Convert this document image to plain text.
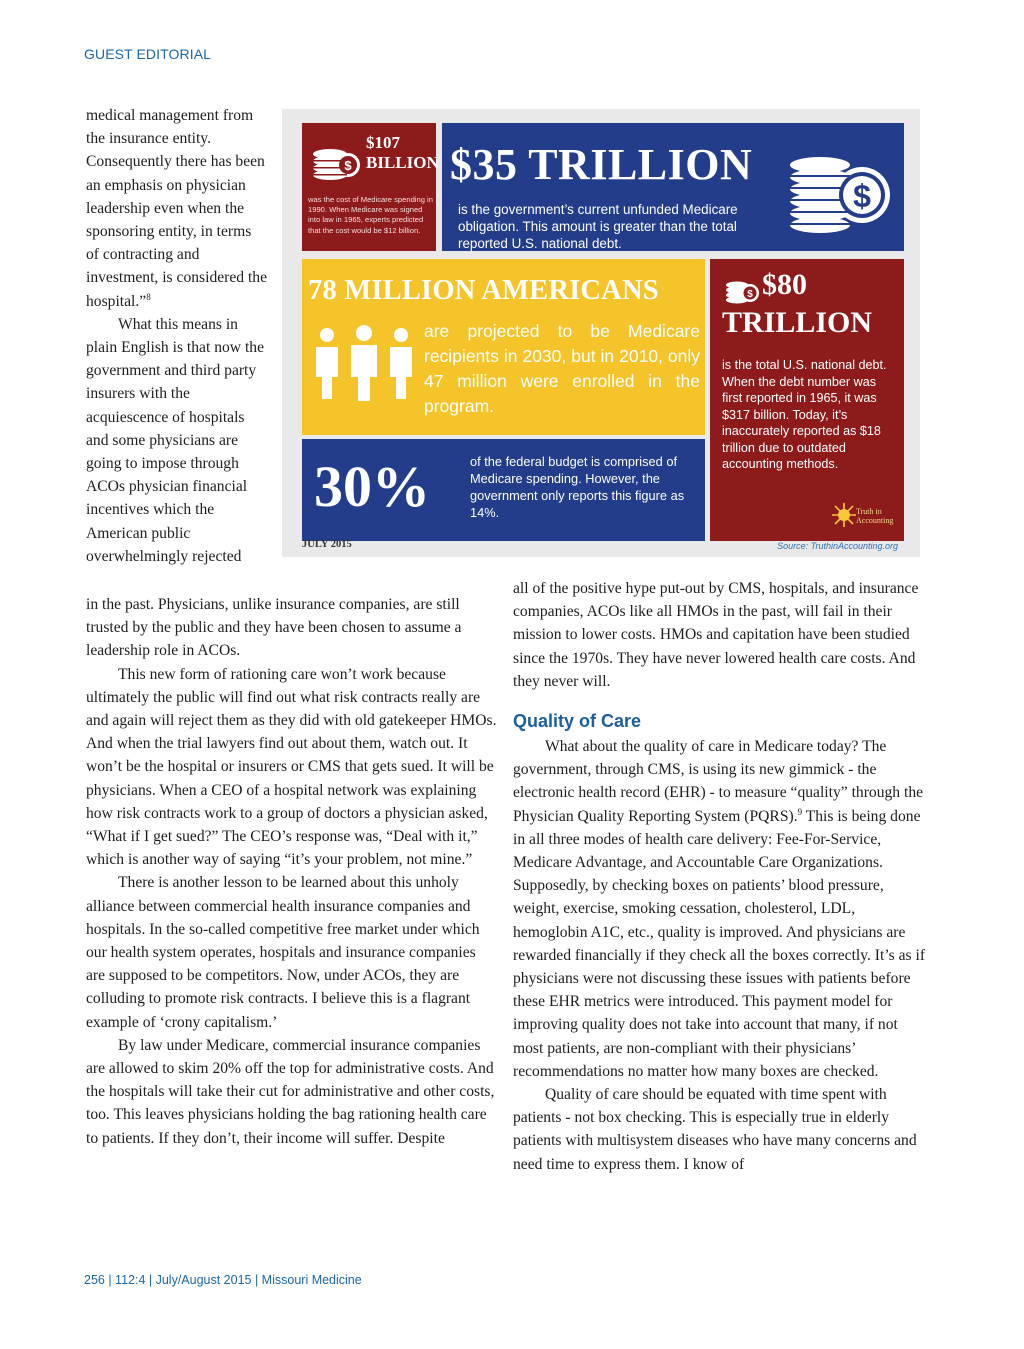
GUEST EDITORIAL
$
$107
BILLION
was the cost of Medicare spending in 1990. When Medicare was signed into law in 1965, experts predicted that the cost would be $12 billion.
$35 TRILLION
is the government’s current unfunded Medicare obligation. This amount is greater than the total reported U.S. national debt.
$
78 MILLION AMERICANS
are projected to be Medicare recipients in 2030, but in 2010, only 47 million were enrolled in the program.
$ $80
TRILLION
is the total U.S. national debt. When the debt number was first reported in 1965, it was $317 billion. Today, it’s inaccurately reported as $18 trillion due to outdated accounting methods.
Truth in Accounting
30%	of the federal budget is comprised of Medicare spending. However, the government only reports this figure as 14%.
JULY 2015	Source: TruthinAccounting.org

medical management from the insurance entity. Consequently there has been an emphasis on physician leadership even when the sponsoring entity, in terms of contracting and investment, is considered the hospital.”$^8$

What this means in plain English is that now the government and third party insurers with the acquiescence of hospitals and some physicians are going to impose through ACOs physician financial incentives which the American public overwhelmingly rejected

in the past. Physicians, unlike insurance companies, are still trusted by the public and they have been chosen to assume a leadership role in ACOs.

This new form of rationing care won’t work because ultimately the public will find out what risk contracts really are and again will reject them as they did with old gatekeeper HMOs. And when the trial lawyers find out about them, watch out. It won’t be the hospital or insurers or CMS that gets sued. It will be physicians. When a CEO of a hospital network was explaining how risk contracts work to a group of doctors a physician asked, “What if I get sued?” The CEO’s response was, “Deal with it,” which is another way of saying “it’s your problem, not mine.”

There is another lesson to be learned about this unholy alliance between commercial health insurance companies and hospitals. In the so-called competitive free market under which our health system operates, hospitals and insurance companies are supposed to be competitors. Now, under ACOs, they are colluding to promote risk contracts. I believe this is a flagrant example of ‘crony capitalism.’

By law under Medicare, commercial insurance companies are allowed to skim 20% off the top for administrative costs. And the hospitals will take their cut for administrative and other costs, too. This leaves physicians holding the bag rationing health care to patients. If they don’t, their income will suffer. Despite

all of the positive hype put-out by CMS, hospitals, and insurance companies, ACOs like all HMOs in the past, will fail in their mission to lower costs. HMOs and capitation have been studied since the 1970s. They have never lowered health care costs. And they never will.

Quality of Care

What about the quality of care in Medicare today? The government, through CMS, is using its new gimmick - the electronic health record (EHR) - to measure “quality” through the Physician Quality Reporting System (PQRS).$^9$ This is being done in all three modes of health care delivery: Fee-For-Service, Medicare Advantage, and Accountable Care Organizations. Supposedly, by checking boxes on patients’ blood pressure, weight, exercise, smoking cessation, cholesterol, LDL, hemoglobin A1C, etc., quality is improved. And physicians are rewarded financially if they check all the boxes correctly. It’s as if physicians were not discussing these issues with patients before these EHR metrics were introduced. This payment model for improving quality does not take into account that many, if not most patients, are non-compliant with their physicians’ recommendations no matter how many boxes are checked.

Quality of care should be equated with time spent with patients - not box checking. This is especially true in elderly patients with multisystem diseases who have many concerns and need time to express them. I know of

256 | 112:4 | July/August 2015 | Missouri Medicine
